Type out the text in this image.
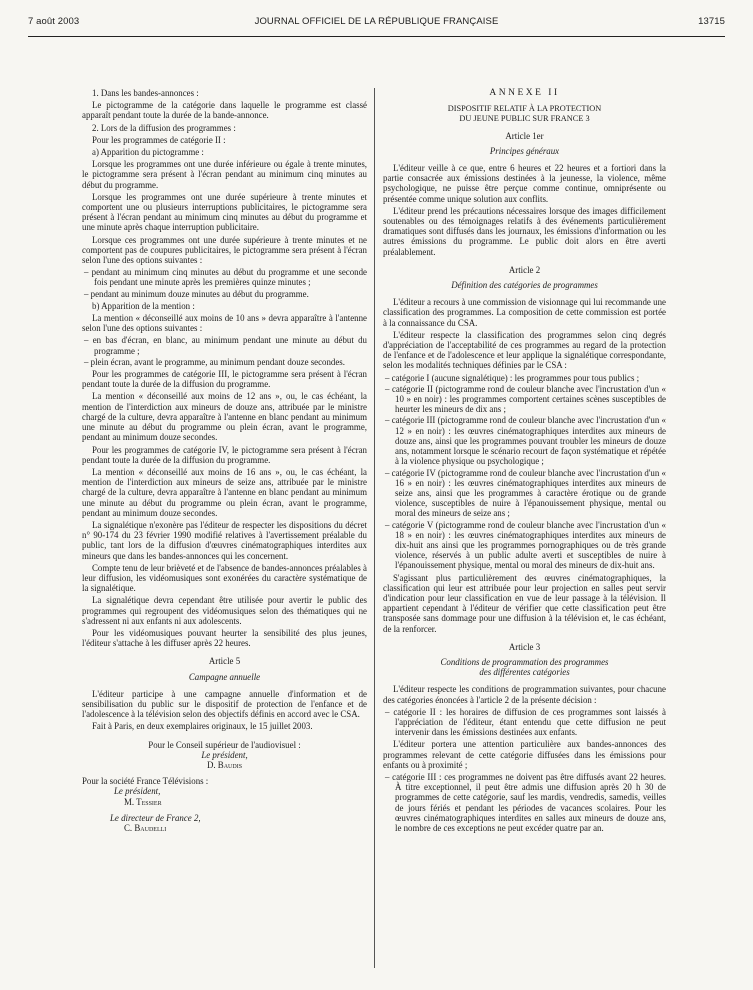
7 août 2003	JOURNAL OFFICIEL DE LA RÉPUBLIQUE FRANÇAISE	13715

1. Dans les bandes-annonces :

Le pictogramme de la catégorie dans laquelle le programme est classé apparaît pendant toute la durée de la bande-annonce.

2. Lors de la diffusion des programmes :

Pour les programmes de catégorie II :

a) Apparition du pictogramme :

Lorsque les programmes ont une durée inférieure ou égale à trente minutes, le pictogramme sera présent à l'écran pendant au minimum cinq minutes au début du programme.

Lorsque les programmes ont une durée supérieure à trente minutes et comportent une ou plusieurs interruptions publicitaires, le pictogramme sera présent à l'écran pendant au minimum cinq minutes au début du programme et une minute après chaque interruption publicitaire.

Lorsque ces programmes ont une durée supérieure à trente minutes et ne comportent pas de coupures publicitaires, le pictogramme sera présent à l'écran selon l'une des options suivantes :

– pendant au minimum cinq minutes au début du programme et une seconde fois pendant une minute après les premières quinze minutes ;
– pendant au minimum douze minutes au début du programme.

b) Apparition de la mention :

La mention « déconseillé aux moins de 10 ans » devra apparaître à l'antenne selon l'une des options suivantes :

– en bas d'écran, en blanc, au minimum pendant une minute au début du programme ;
– plein écran, avant le programme, au minimum pendant douze secondes.

Pour les programmes de catégorie III, le pictogramme sera présent à l'écran pendant toute la durée de la diffusion du programme.

La mention « déconseillé aux moins de 12 ans », ou, le cas échéant, la mention de l'interdiction aux mineurs de douze ans, attribuée par le ministre chargé de la culture, devra apparaître à l'antenne en blanc pendant au minimum une minute au début du programme ou plein écran, avant le programme, pendant au minimum douze secondes.

Pour les programmes de catégorie IV, le pictogramme sera présent à l'écran pendant toute la durée de la diffusion du programme.

La mention « déconseillé aux moins de 16 ans », ou, le cas échéant, la mention de l'interdiction aux mineurs de seize ans, attribuée par le ministre chargé de la culture, devra apparaître à l'antenne en blanc pendant au minimum une minute au début du programme ou plein écran, avant le programme, pendant au minimum douze secondes.

La signalétique n'exonère pas l'éditeur de respecter les dispositions du décret n° 90-174 du 23 février 1990 modifié relatives à l'avertissement préalable du public, tant lors de la diffusion d'œuvres cinématographiques interdites aux mineurs que dans les bandes-annonces qui les concernent.

Compte tenu de leur brièveté et de l'absence de bandes-annonces préalables à leur diffusion, les vidéomusiques sont exonérées du caractère systématique de la signalétique.

La signalétique devra cependant être utilisée pour avertir le public des programmes qui regroupent des vidéomusiques selon des thématiques qui ne s'adressent ni aux enfants ni aux adolescents.

Pour les vidéomusiques pouvant heurter la sensibilité des plus jeunes, l'éditeur s'attache à les diffuser après 22 heures.

Article 5

Campagne annuelle

L'éditeur participe à une campagne annuelle d'information et de sensibilisation du public sur le dispositif de protection de l'enfance et de l'adolescence à la télévision selon des objectifs définis en accord avec le CSA.

Fait à Paris, en deux exemplaires originaux, le 15 juillet 2003.

Pour le Conseil supérieur de l'audiovisuel :

Le président,

D. Baudis

Pour la société France Télévisions :

Le président,

M. Tessier

Le directeur de France 2,

C. Baudelli

ANNEXE II

DISPOSITIF RELATIF À LA PROTECTION

DU JEUNE PUBLIC SUR FRANCE 3

Article 1er

Principes généraux

L'éditeur veille à ce que, entre 6 heures et 22 heures et a fortiori dans la partie consacrée aux émissions destinées à la jeunesse, la violence, même psychologique, ne puisse être perçue comme continue, omniprésente ou présentée comme unique solution aux conflits.

L'éditeur prend les précautions nécessaires lorsque des images difficilement soutenables ou des témoignages relatifs à des événements particulièrement dramatiques sont diffusés dans les journaux, les émissions d'information ou les autres émissions du programme. Le public doit alors en être averti préalablement.

Article 2

Définition des catégories de programmes

L'éditeur a recours à une commission de visionnage qui lui recommande une classification des programmes. La composition de cette commission est portée à la connaissance du CSA.

L'éditeur respecte la classification des programmes selon cinq degrés d'appréciation de l'acceptabilité de ces programmes au regard de la protection de l'enfance et de l'adolescence et leur applique la signalétique correspondante, selon les modalités techniques définies par le CSA :

– catégorie I (aucune signalétique) : les programmes pour tous publics ;
– catégorie II (pictogramme rond de couleur blanche avec l'incrustation d'un « 10 » en noir) : les programmes comportent certaines scènes susceptibles de heurter les mineurs de dix ans ;
– catégorie III (pictogramme rond de couleur blanche avec l'incrustation d'un « 12 » en noir) : les œuvres cinématographiques interdites aux mineurs de douze ans, ainsi que les programmes pouvant troubler les mineurs de douze ans, notamment lorsque le scénario recourt de façon systématique et répétée à la violence physique ou psychologique ;
– catégorie IV (pictogramme rond de couleur blanche avec l'incrustation d'un « 16 » en noir) : les œuvres cinématographiques interdites aux mineurs de seize ans, ainsi que les programmes à caractère érotique ou de grande violence, susceptibles de nuire à l'épanouissement physique, mental ou moral des mineurs de seize ans ;
– catégorie V (pictogramme rond de couleur blanche avec l'incrustation d'un « 18 » en noir) : les œuvres cinématographiques interdites aux mineurs de dix-huit ans ainsi que les programmes pornographiques ou de très grande violence, réservés à un public adulte averti et susceptibles de nuire à l'épanouissement physique, mental ou moral des mineurs de dix-huit ans.

S'agissant plus particulièrement des œuvres cinématographiques, la classification qui leur est attribuée pour leur projection en salles peut servir d'indication pour leur classification en vue de leur passage à la télévision. Il appartient cependant à l'éditeur de vérifier que cette classification peut être transposée sans dommage pour une diffusion à la télévision et, le cas échéant, de la renforcer.

Article 3

Conditions de programmation des programmes

des différentes catégories

L'éditeur respecte les conditions de programmation suivantes, pour chacune des catégories énoncées à l'article 2 de la présente décision :

– catégorie II : les horaires de diffusion de ces programmes sont laissés à l'appréciation de l'éditeur, étant entendu que cette diffusion ne peut intervenir dans les émissions destinées aux enfants.

L'éditeur portera une attention particulière aux bandes-annonces des programmes relevant de cette catégorie diffusées dans les émissions pour enfants ou à proximité ;

– catégorie III : ces programmes ne doivent pas être diffusés avant 22 heures. À titre exceptionnel, il peut être admis une diffusion après 20 h 30 de programmes de cette catégorie, sauf les mardis, vendredis, samedis, veilles de jours fériés et pendant les périodes de vacances scolaires. Pour les œuvres cinématographiques interdites en salles aux mineurs de douze ans, le nombre de ces exceptions ne peut excéder quatre par an.
